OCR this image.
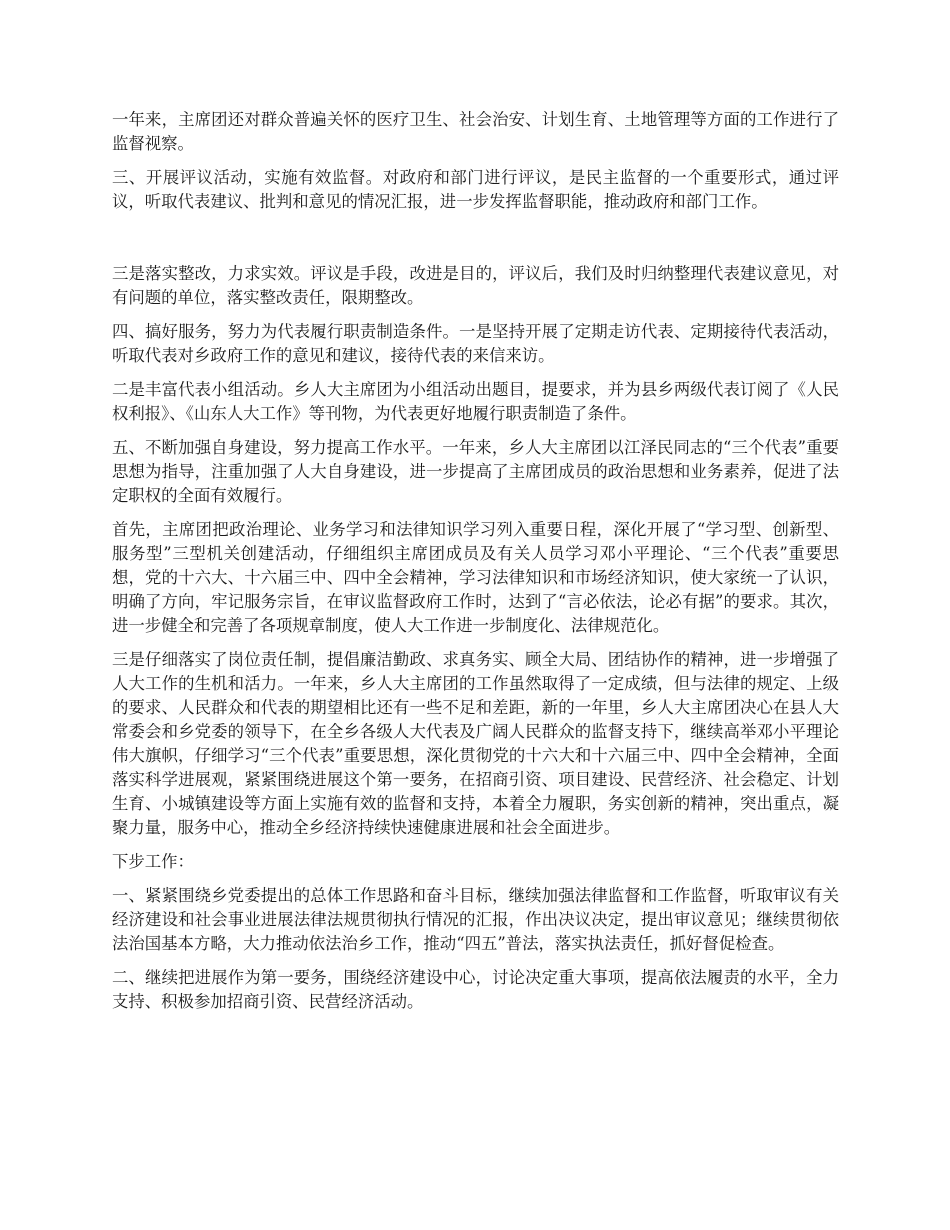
一年来，主席团还对群众普遍关怀的医疗卫生、社会治安、计划生育、土地管理等方面的工作进行了监督视察。

三、开展评议活动，实施有效监督。对政府和部门进行评议，是民主监督的一个重要形式，通过评议，听取代表建议、批判和意见的情况汇报，进一步发挥监督职能，推动政府和部门工作。

三是落实整改，力求实效。评议是手段，改进是目的，评议后，我们及时归纳整理代表建议意见，对有问题的单位，落实整改责任，限期整改。

四、搞好服务，努力为代表履行职责制造条件。一是坚持开展了定期走访代表、定期接待代表活动，听取代表对乡政府工作的意见和建议，接待代表的来信来访。

二是丰富代表小组活动。乡人大主席团为小组活动出题目，提要求，并为县乡两级代表订阅了《人民权利报》、《山东人大工作》等刊物，为代表更好地履行职责制造了条件。

五、不断加强自身建设，努力提高工作水平。一年来，乡人大主席团以江泽民同志的“三个代表”重要思想为指导，注重加强了人大自身建设，进一步提高了主席团成员的政治思想和业务素养，促进了法定职权的全面有效履行。

首先，主席团把政治理论、业务学习和法律知识学习列入重要日程，深化开展了“学习型、创新型、服务型”三型机关创建活动，仔细组织主席团成员及有关人员学习邓小平理论、“三个代表”重要思想，党的十六大、十六届三中、四中全会精神，学习法律知识和市场经济知识，使大家统一了认识，明确了方向，牢记服务宗旨，在审议监督政府工作时，达到了“言必依法，论必有据”的要求。其次，进一步健全和完善了各项规章制度，使人大工作进一步制度化、法律规范化。

三是仔细落实了岗位责任制，提倡廉洁勤政、求真务实、顾全大局、团结协作的精神，进一步增强了人大工作的生机和活力。一年来，乡人大主席团的工作虽然取得了一定成绩，但与法律的规定、上级的要求、人民群众和代表的期望相比还有一些不足和差距，新的一年里，乡人大主席团决心在县人大常委会和乡党委的领导下，在全乡各级人大代表及广阔人民群众的监督支持下，继续高举邓小平理论伟大旗帜，仔细学习“三个代表”重要思想，深化贯彻党的十六大和十六届三中、四中全会精神，全面落实科学进展观，紧紧围绕进展这个第一要务，在招商引资、项目建设、民营经济、社会稳定、计划生育、小城镇建设等方面上实施有效的监督和支持，本着全力履职，务实创新的精神，突出重点，凝聚力量，服务中心，推动全乡经济持续快速健康进展和社会全面进步。

下步工作：

一、紧紧围绕乡党委提出的总体工作思路和奋斗目标，继续加强法律监督和工作监督，听取审议有关经济建设和社会事业进展法律法规贯彻执行情况的汇报，作出决议决定，提出审议意见；继续贯彻依法治国基本方略，大力推动依法治乡工作，推动“四五”普法，落实执法责任，抓好督促检查。

二、继续把进展作为第一要务，围绕经济建设中心，讨论决定重大事项，提高依法履责的水平，全力支持、积极参加招商引资、民营经济活动。
